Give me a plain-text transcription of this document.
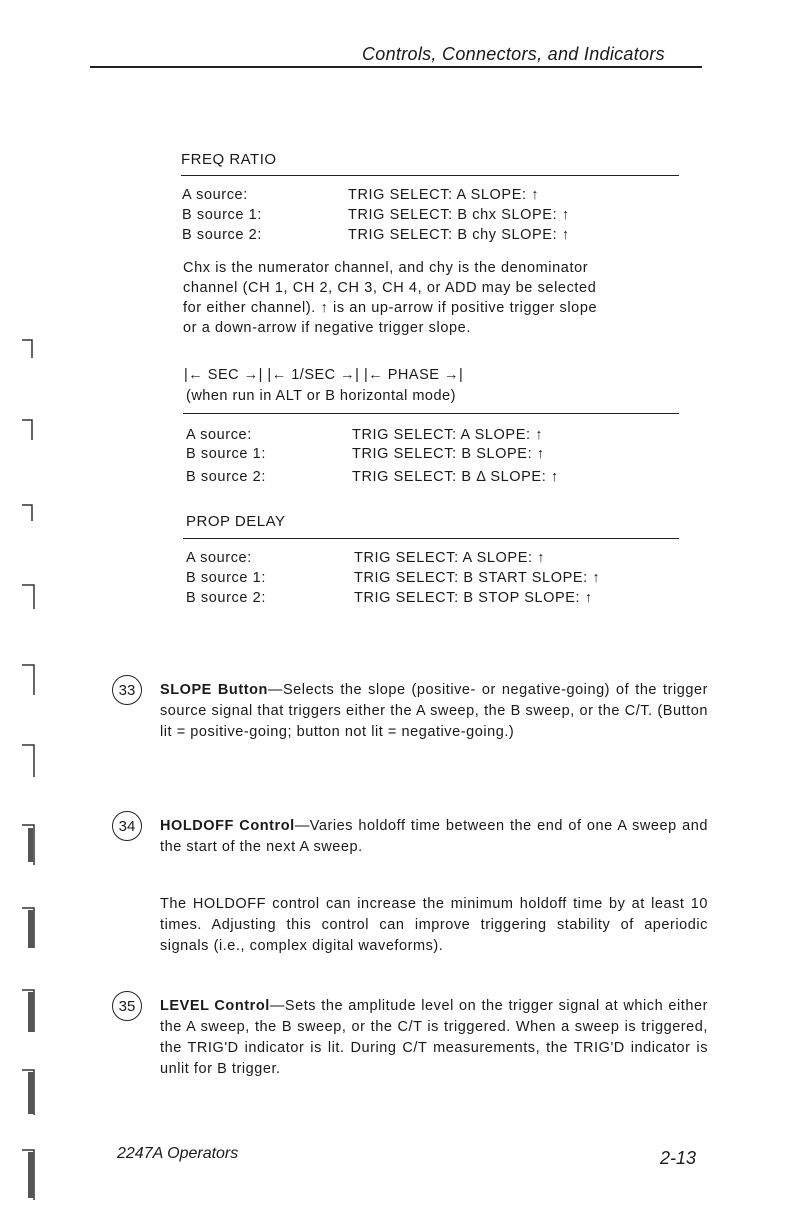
Controls, Connectors, and Indicators
FREQ RATIO
A source:	TRIG SELECT: A SLOPE: ↑
B source 1:	TRIG SELECT: B chx SLOPE: ↑
B source 2:	TRIG SELECT: B chy SLOPE: ↑
Chx is the numerator channel, and chy is the denominator
channel (CH 1, CH 2, CH 3, CH 4, or ADD may be selected
for either channel). ↑ is an up-arrow if positive trigger slope
or a down-arrow if negative trigger slope.
|← SEC →| |← 1/SEC →| |← PHASE →|
(when run in ALT or B horizontal mode)
A source:	TRIG SELECT: A SLOPE: ↑
B source 1:	TRIG SELECT: B SLOPE: ↑
B source 2:	TRIG SELECT: B Δ SLOPE: ↑
PROP DELAY
A source:	TRIG SELECT: A SLOPE: ↑
B source 1:	TRIG SELECT: B START SLOPE: ↑
B source 2:	TRIG SELECT: B STOP SLOPE: ↑
33	SLOPE Button—Selects the slope (positive- or negative-going) of the trigger source signal that triggers either the A sweep, the B sweep, or the C/T. (Button lit = positive-going; button not lit = negative-going.)
34	HOLDOFF Control—Varies holdoff time between the end of one A sweep and the start of the next A sweep.
The HOLDOFF control can increase the minimum holdoff time by at least 10 times. Adjusting this control can improve triggering stability of aperiodic signals (i.e., complex digital waveforms).
35	LEVEL Control—Sets the amplitude level on the trigger signal at which either the A sweep, the B sweep, or the C/T is triggered. When a sweep is triggered, the TRIG'D indicator is lit. During C/T measurements, the TRIG'D indicator is unlit for B trigger.
2247A Operators	2-13
